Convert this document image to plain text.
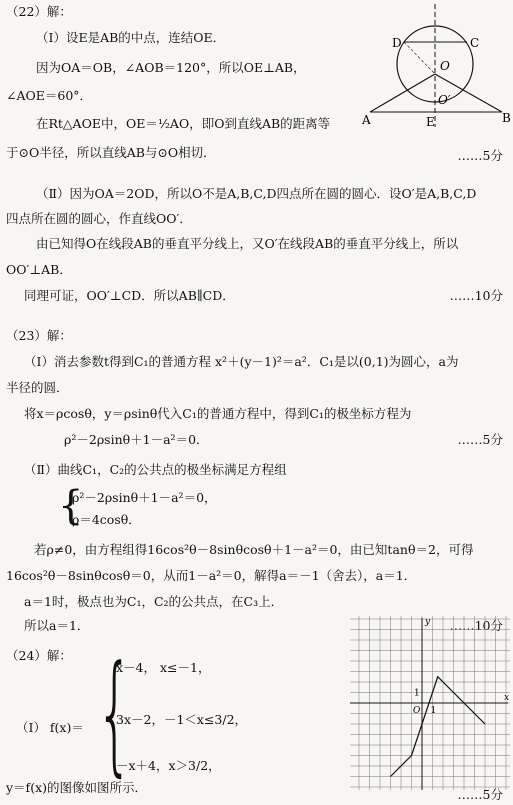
（22）解：
（Ⅰ）设E是AB的中点，连结OE．
因为OA＝OB，∠AOB＝120°，所以OE⊥AB，
∠AOE＝60°．
在Rt△AOE中，OE＝½AO，即O到直线AB的距离等
于⊙O半径，所以直线AB与⊙O相切．	……5分
D	C
O
O′
A	E	B
（Ⅱ）因为OA＝2OD，所以O不是A,B,C,D四点所在圆的圆心．设O′是A,B,C,D
四点所在圆的圆心，作直线OO′．
由已知得O在线段AB的垂直平分线上，又O′在线段AB的垂直平分线上，所以
OO′⊥AB．
同理可证，OO′⊥CD．所以AB∥CD．	……10分
（23）解：
（Ⅰ）消去参数t得到C₁的普通方程 x²＋(y－1)²＝a²．C₁是以(0,1)为圆心，a为
半径的圆．
将x＝ρcosθ，y＝ρsinθ代入C₁的普通方程中，得到C₁的极坐标方程为
ρ²－2ρsinθ＋1－a²＝0．	……5分
（Ⅱ）曲线C₁，C₂的公共点的极坐标满足方程组
{
ρ²－2ρsinθ＋1－a²＝0，
ρ＝4cosθ．
若ρ≠0，由方程组得16cos²θ－8sinθcosθ＋1－a²＝0，由已知tanθ＝2，可得
16cos²θ－8sinθcosθ＝0，从而1－a²＝0，解得a＝－1（舍去），a＝1．
a＝1时，极点也为C₁，C₂的公共点，在C₃上．
所以a＝1．	……10分
（24）解：
（Ⅰ） f(x)＝ {
x－4， x≤－1，
3x－2，－1＜x≤3/2，
－x＋4，x＞3/2，
y＝f(x)的图像如图所示．	……5分
y
x
O 1
1
